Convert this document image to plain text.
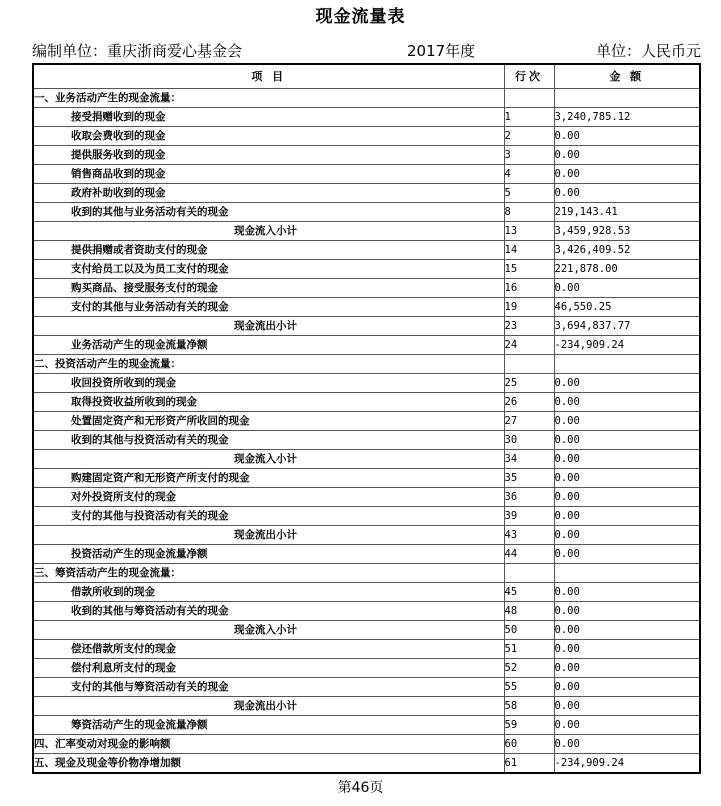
现金流量表
编制单位：重庆浙商爱心基金会	2017年度	单位：人民币元
项 目	行次	金 额
一、业务活动产生的现金流量：		
接受捐赠收到的现金	1	3,240,785.12
收取会费收到的现金	2	0.00
提供服务收到的现金	3	0.00
销售商品收到的现金	4	0.00
政府补助收到的现金	5	0.00
收到的其他与业务活动有关的现金	8	219,143.41
现金流入小计	13	3,459,928.53
提供捐赠或者资助支付的现金	14	3,426,409.52
支付给员工以及为员工支付的现金	15	221,878.00
购买商品、接受服务支付的现金	16	0.00
支付的其他与业务活动有关的现金	19	46,550.25
现金流出小计	23	3,694,837.77
业务活动产生的现金流量净额	24	-234,909.24
二、投资活动产生的现金流量：		
收回投资所收到的现金	25	0.00
取得投资收益所收到的现金	26	0.00
处置固定资产和无形资产所收回的现金	27	0.00
收到的其他与投资活动有关的现金	30	0.00
现金流入小计	34	0.00
购建固定资产和无形资产所支付的现金	35	0.00
对外投资所支付的现金	36	0.00
支付的其他与投资活动有关的现金	39	0.00
现金流出小计	43	0.00
投资活动产生的现金流量净额	44	0.00
三、筹资活动产生的现金流量：		
借款所收到的现金	45	0.00
收到的其他与筹资活动有关的现金	48	0.00
现金流入小计	50	0.00
偿还借款所支付的现金	51	0.00
偿付利息所支付的现金	52	0.00
支付的其他与筹资活动有关的现金	55	0.00
现金流出小计	58	0.00
筹资活动产生的现金流量净额	59	0.00
四、汇率变动对现金的影响额	60	0.00
五、现金及现金等价物净增加额	61	-234,909.24
第46页
